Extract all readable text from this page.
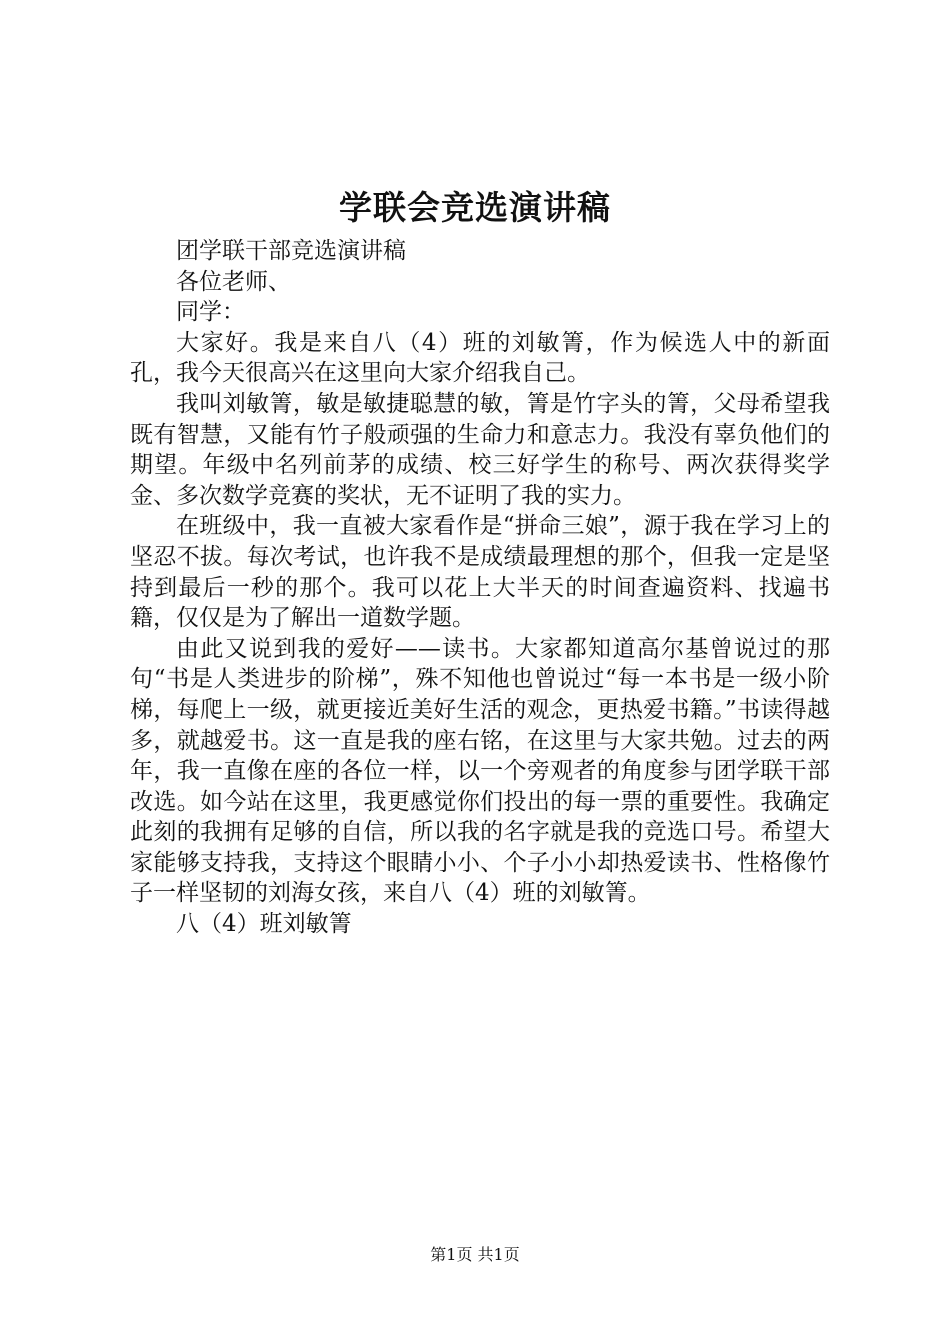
学联会竞选演讲稿

团学联干部竞选演讲稿

各位老师、

同学：

大家好。我是来自八（4）班的刘敏箐，作为候选人中的新面孔，我今天很高兴在这里向大家介绍我自己。

我叫刘敏箐，敏是敏捷聪慧的敏，箐是竹字头的箐，父母希望我既有智慧，又能有竹子般顽强的生命力和意志力。我没有辜负他们的期望。年级中名列前茅的成绩、校三好学生的称号、两次获得奖学金、多次数学竞赛的奖状，无不证明了我的实力。

在班级中，我一直被大家看作是“拼命三娘”，源于我在学习上的坚忍不拔。每次考试，也许我不是成绩最理想的那个，但我一定是坚持到最后一秒的那个。我可以花上大半天的时间查遍资料、找遍书籍，仅仅是为了解出一道数学题。

由此又说到我的爱好——读书。大家都知道高尔基曾说过的那句“书是人类进步的阶梯”，殊不知他也曾说过“每一本书是一级小阶梯，每爬上一级，就更接近美好生活的观念，更热爱书籍。”书读得越多，就越爱书。这一直是我的座右铭，在这里与大家共勉。过去的两年，我一直像在座的各位一样，以一个旁观者的角度参与团学联干部改选。如今站在这里，我更感觉你们投出的每一票的重要性。我确定此刻的我拥有足够的自信，所以我的名字就是我的竞选口号。希望大家能够支持我，支持这个眼睛小小、个子小小却热爱读书、性格像竹子一样坚韧的刘海女孩，来自八（4）班的刘敏箐。

八（4）班刘敏箐

第1页 共1页
